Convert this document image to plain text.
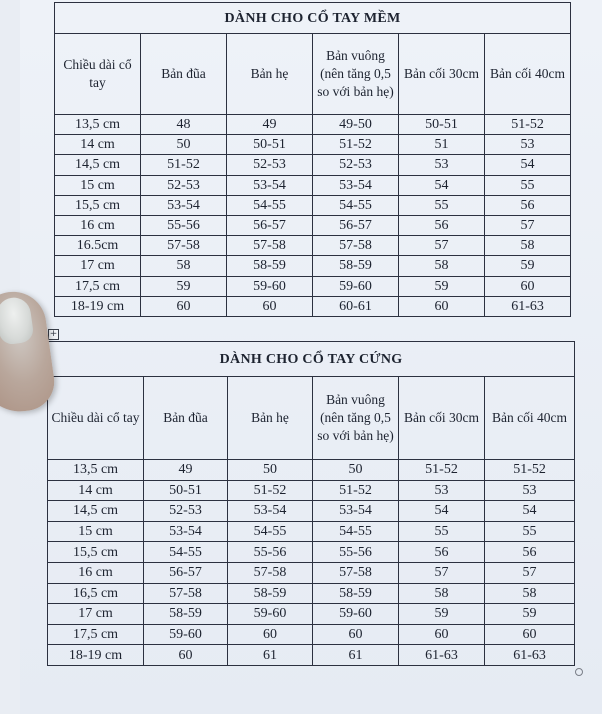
DÀNH CHO CỔ TAY MỀM					
Chiều dài cổ tay	Bản đũa	Bản hẹ	Bản vuông (nên tăng 0,5 so với bản hẹ)	Bản cối 30cm	Bản cối 40cm
13,5 cm	48	49	49-50	50-51	51-52
14 cm	50	50-51	51-52	51	53
14,5 cm	51-52	52-53	52-53	53	54
15 cm	52-53	53-54	53-54	54	55
15,5 cm	53-54	54-55	54-55	55	56
16 cm	55-56	56-57	56-57	56	57
16.5cm	57-58	57-58	57-58	57	58
17 cm	58	58-59	58-59	58	59
17,5 cm	59	59-60	59-60	59	60
18-19 cm	60	60	60-61	60	61-63
+
DÀNH CHO CỔ TAY CỨNG					
Chiều dài cổ tay	Bản đũa	Bản hẹ	Bản vuông (nên tăng 0,5 so với bản hẹ)	Bản cối 30cm	Bản cối 40cm
13,5 cm	49	50	50	51-52	51-52
14 cm	50-51	51-52	51-52	53	53
14,5 cm	52-53	53-54	53-54	54	54
15 cm	53-54	54-55	54-55	55	55
15,5 cm	54-55	55-56	55-56	56	56
16 cm	56-57	57-58	57-58	57	57
16,5 cm	57-58	58-59	58-59	58	58
17 cm	58-59	59-60	59-60	59	59
17,5 cm	59-60	60	60	60	60
18-19 cm	60	61	61	61-63	61-63
